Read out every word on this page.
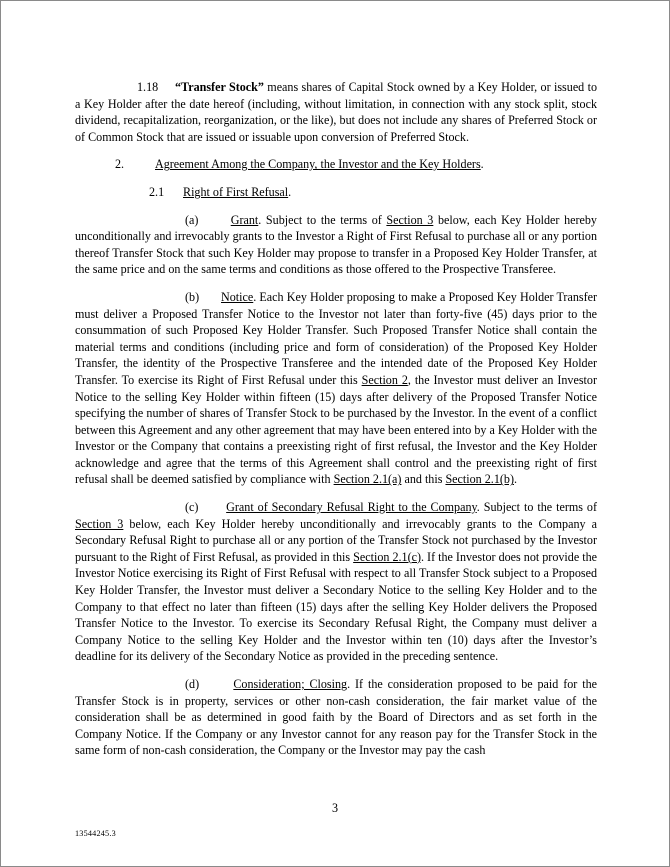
1.18 “Transfer Stock” means shares of Capital Stock owned by a Key Holder, or issued to a Key Holder after the date hereof (including, without limitation, in connection with any stock split, stock dividend, recapitalization, reorganization, or the like), but does not include any shares of Preferred Stock or of Common Stock that are issued or issuable upon conversion of Preferred Stock.

2.	Agreement Among the Company, the Investor and the Key Holders.

2.1 Right of First Refusal.

(a)	Grant. Subject to the terms of Section 3 below, each Key Holder hereby unconditionally and irrevocably grants to the Investor a Right of First Refusal to purchase all or any portion thereof Transfer Stock that such Key Holder may propose to transfer in a Proposed Key Holder Transfer, at the same price and on the same terms and conditions as those offered to the Prospective Transferee.

(b) Notice. Each Key Holder proposing to make a Proposed Key Holder Transfer must deliver a Proposed Transfer Notice to the Investor not later than forty-five (45) days prior to the consummation of such Proposed Key Holder Transfer. Such Proposed Transfer Notice shall contain the material terms and conditions (including price and form of consideration) of the Proposed Key Holder Transfer, the identity of the Prospective Transferee and the intended date of the Proposed Key Holder Transfer. To exercise its Right of First Refusal under this Section 2, the Investor must deliver an Investor Notice to the selling Key Holder within fifteen (15) days after delivery of the Proposed Transfer Notice specifying the number of shares of Transfer Stock to be purchased by the Investor. In the event of a conflict between this Agreement and any other agreement that may have been entered into by a Key Holder with the Investor or the Company that contains a preexisting right of first refusal, the Investor and the Key Holder acknowledge and agree that the terms of this Agreement shall control and the preexisting right of first refusal shall be deemed satisfied by compliance with Section 2.1(a) and this Section 2.1(b).

(c) Grant of Secondary Refusal Right to the Company. Subject to the terms of Section 3 below, each Key Holder hereby unconditionally and irrevocably grants to the Company a Secondary Refusal Right to purchase all or any portion of the Transfer Stock not purchased by the Investor pursuant to the Right of First Refusal, as provided in this Section 2.1(c). If the Investor does not provide the Investor Notice exercising its Right of First Refusal with respect to all Transfer Stock subject to a Proposed Key Holder Transfer, the Investor must deliver a Secondary Notice to the selling Key Holder and to the Company to that effect no later than fifteen (15) days after the selling Key Holder delivers the Proposed Transfer Notice to the Investor. To exercise its Secondary Refusal Right, the Company must deliver a Company Notice to the selling Key Holder and the Investor within ten (10) days after the Investor’s deadline for its delivery of the Secondary Notice as provided in the preceding sentence.

(d)	Consideration; Closing. If the consideration proposed to be paid for the Transfer Stock is in property, services or other non-cash consideration, the fair market value of the consideration shall be as determined in good faith by the Board of Directors and as set forth in the Company Notice. If the Company or any Investor cannot for any reason pay for the Transfer Stock in the same form of non-cash consideration, the Company or the Investor may pay the cash

3
13544245.3
